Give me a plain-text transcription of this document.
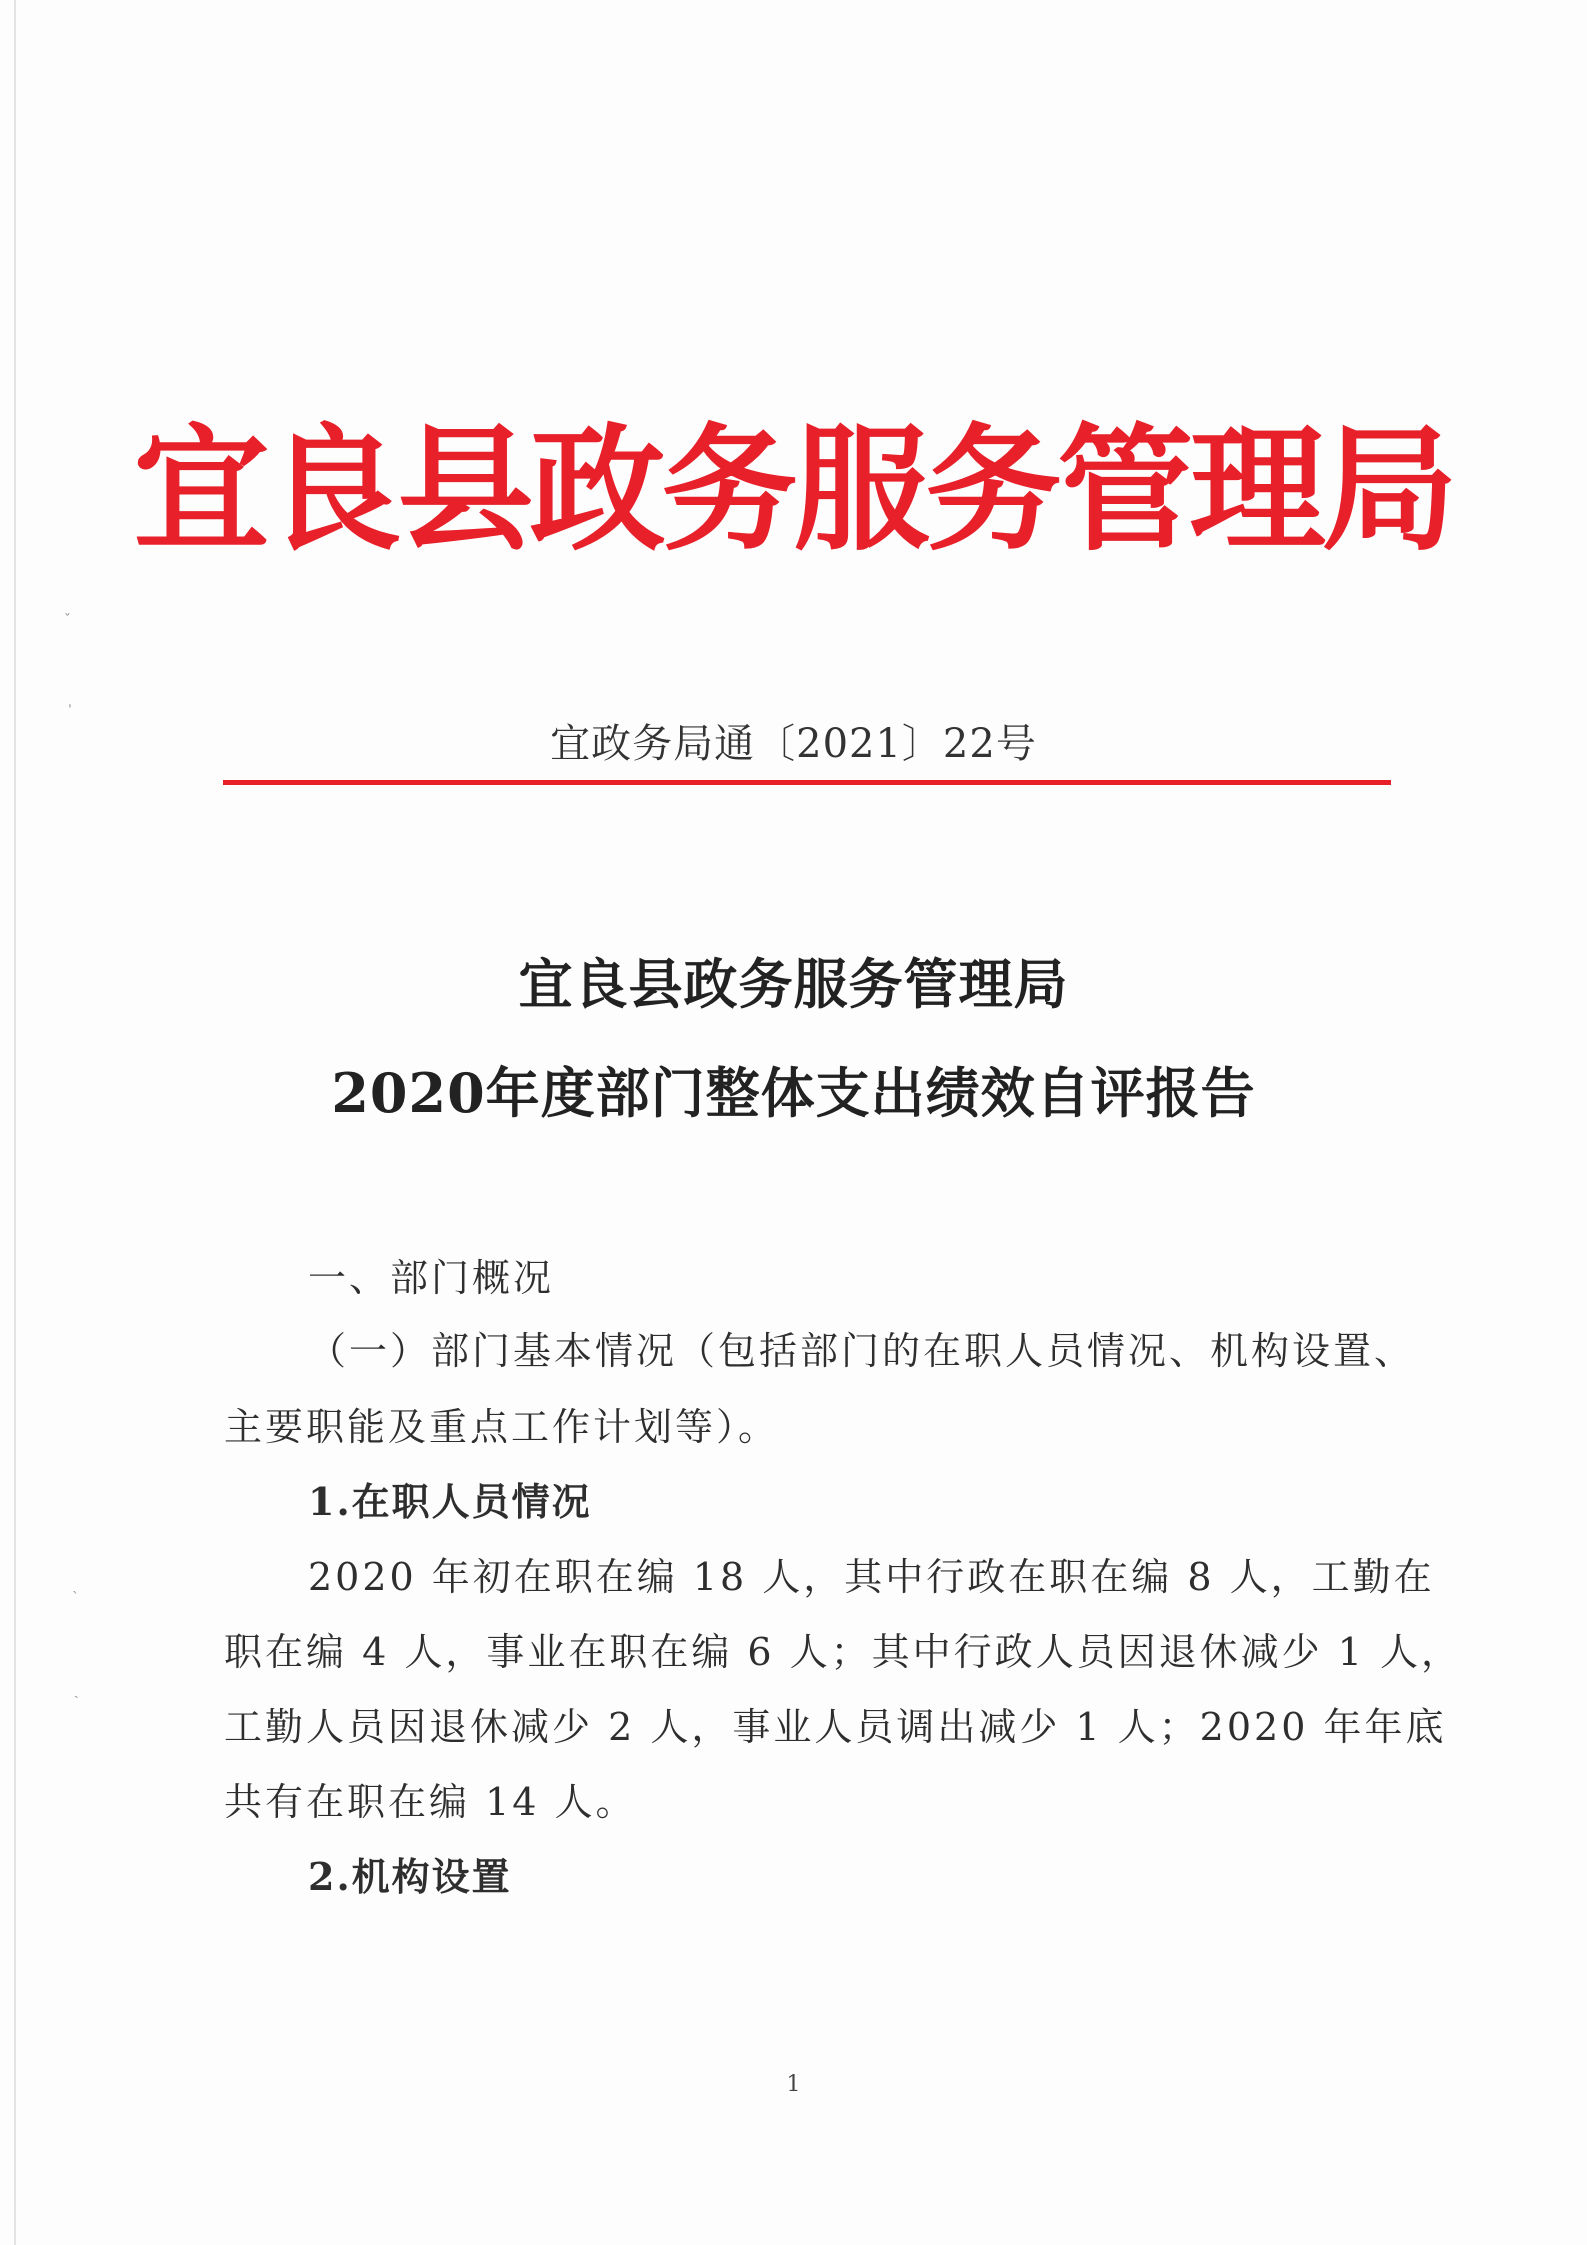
宜良县政务服务管理局
宜政务局通〔2021〕22号
宜良县政务服务管理局
2020年度部门整体支出绩效自评报告
一、部门概况
（一）部门基本情况（包括部门的在职人员情况、机构设置、
主要职能及重点工作计划等）。
1.在职人员情况
2020 年初在职在编 18 人，其中行政在职在编 8 人，工勤在
职在编 4 人，事业在职在编 6 人；其中行政人员因退休减少 1 人，
工勤人员因退休减少 2 人，事业人员调出减少 1 人；2020 年年底
共有在职在编 14 人。
2.机构设置
1
ˇ
ˌ
ˋ
ˎ
